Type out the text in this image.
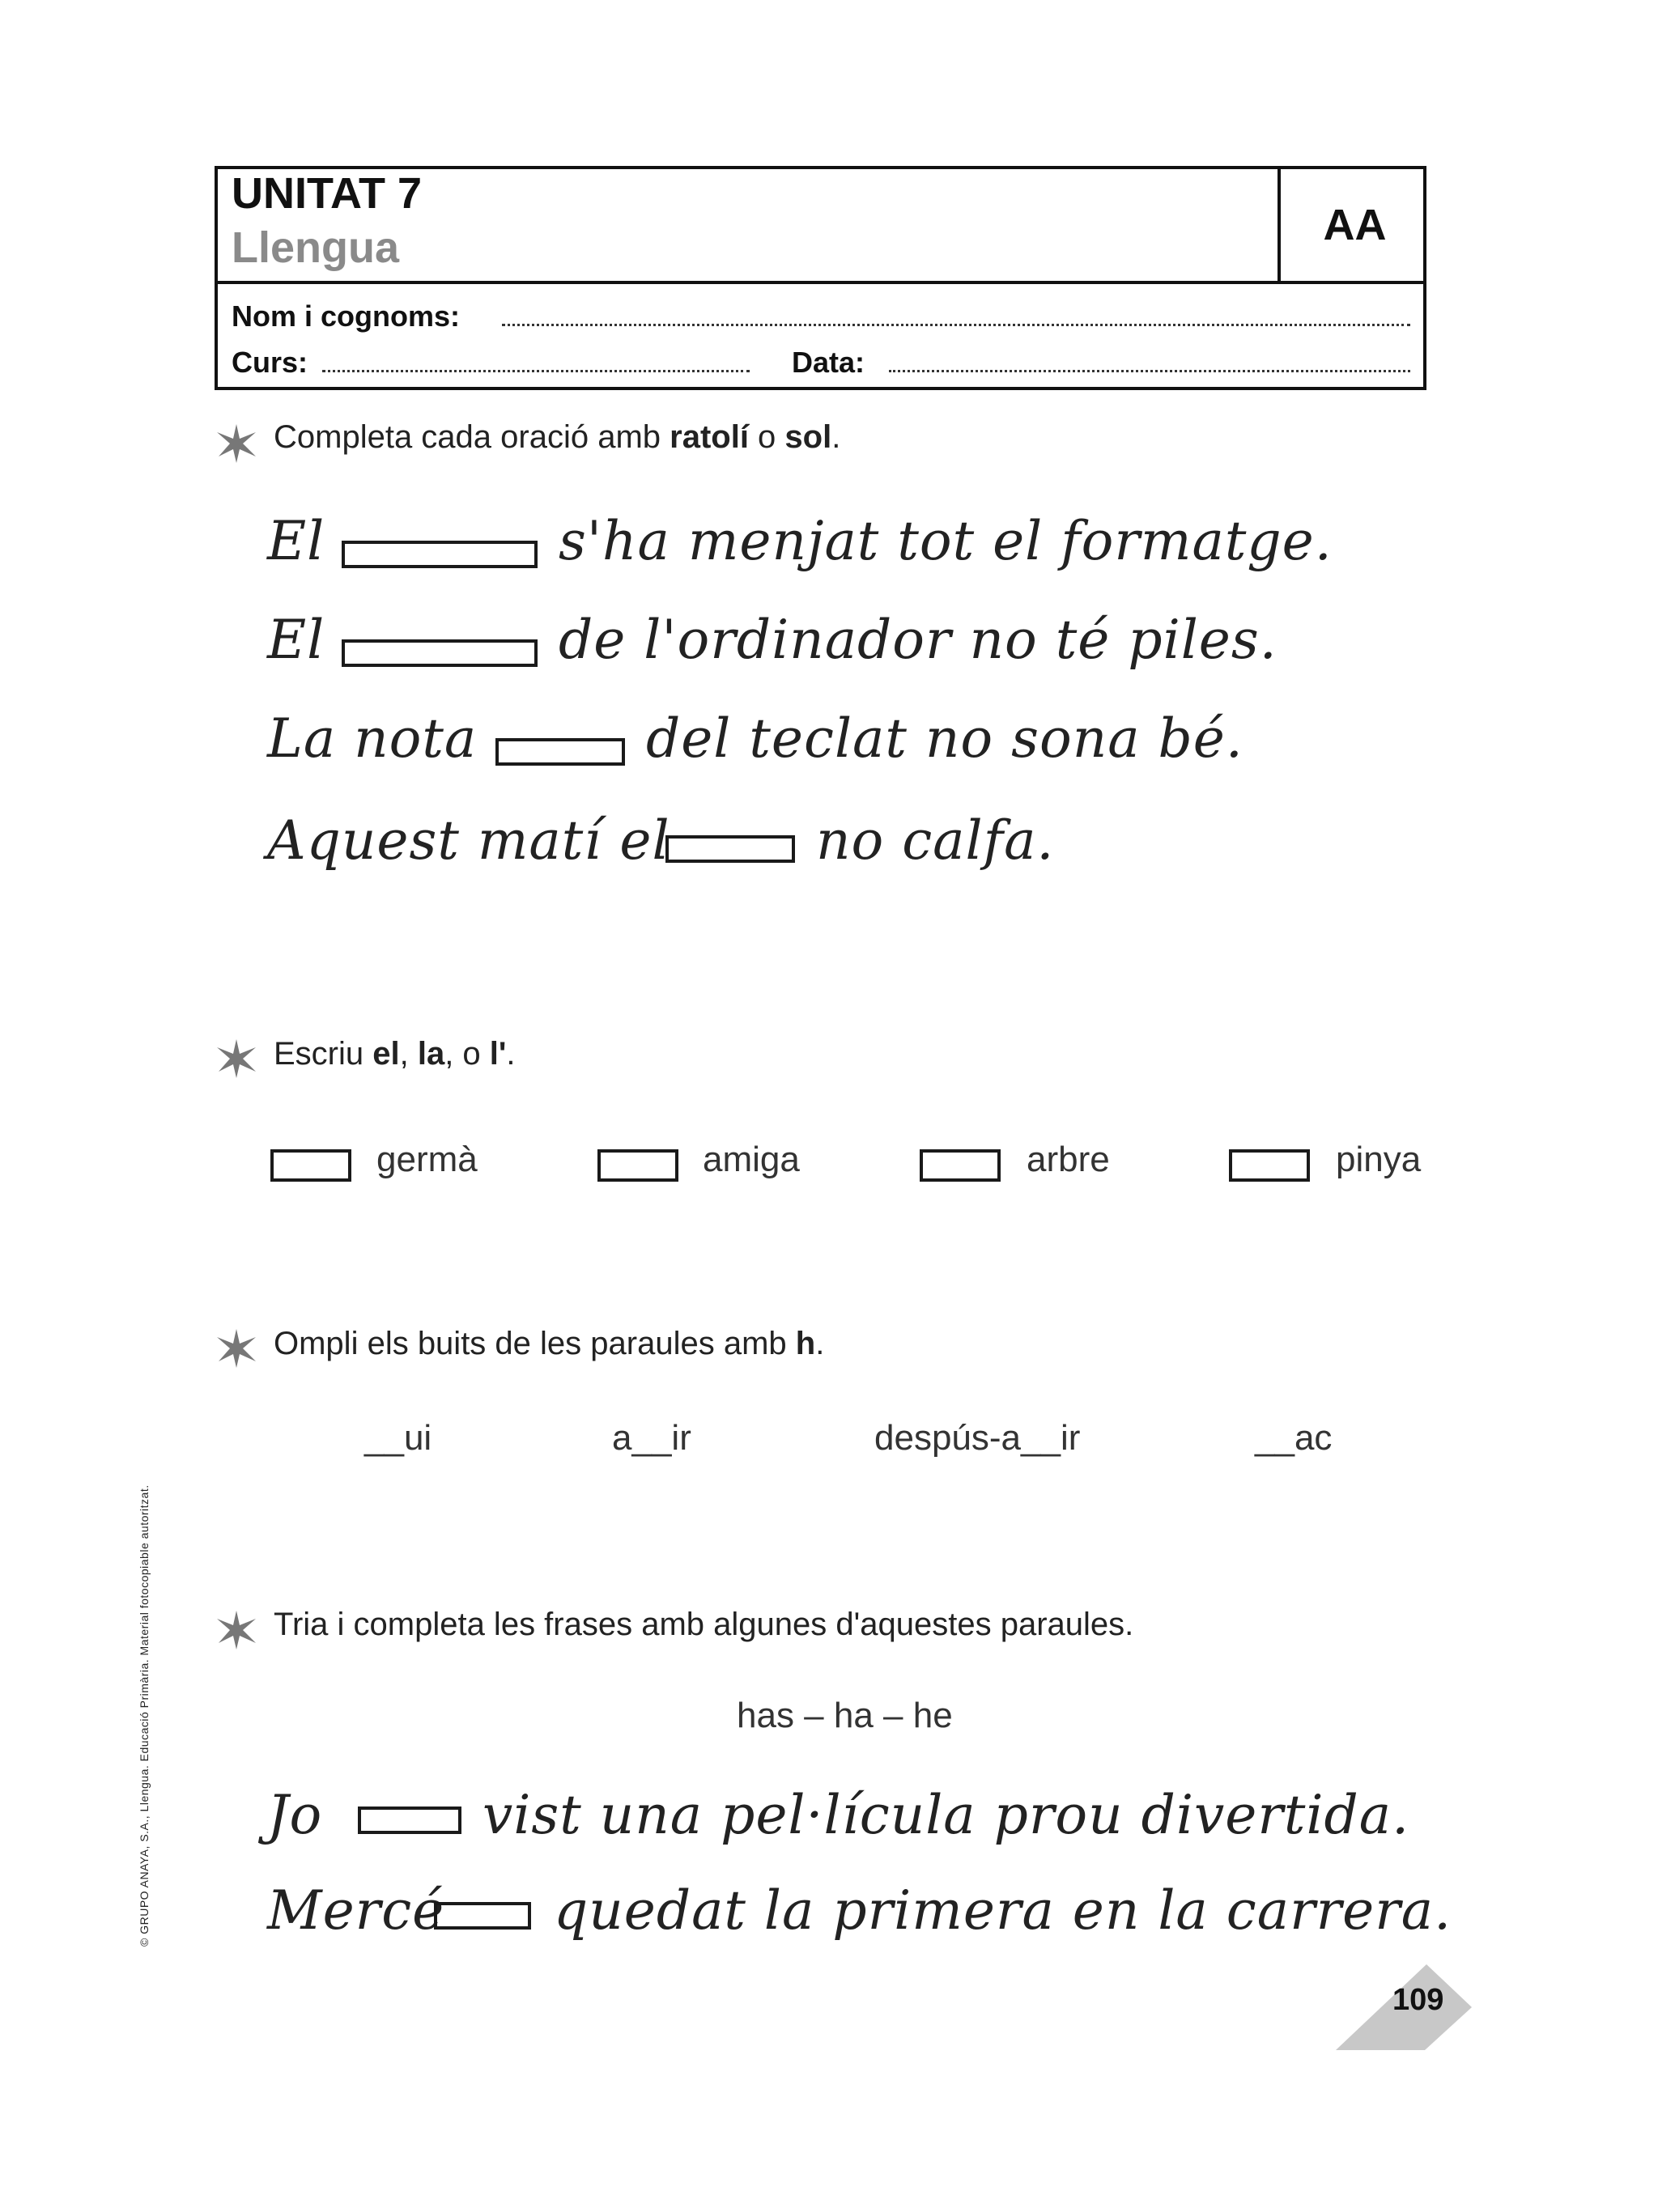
UNITAT 7
Llengua	AA
Nom i cognoms:
Curs:	Data:
Completa cada oració amb ratolí o sol.
El	s'ha menjat tot el formatge.
El	de l'ordinador no té piles.
La nota	del teclat no sona bé.
Aquest matí el	no calfa.
Escriu el, la, o l'.
germà	amiga	arbre	pinya
Ompli els buits de les paraules amb h.
__ui	a__ir	despús-a__ir	__ac
Tria i completa les frases amb algunes d'aquestes paraules.
has – ha – he
Jo	vist una pel·lícula prou divertida.
Mercé quedat la primera en la carrera.
109
© GRUPO ANAYA, S.A., Llengua. Educació Primària. Material fotocopiable autoritzat.
